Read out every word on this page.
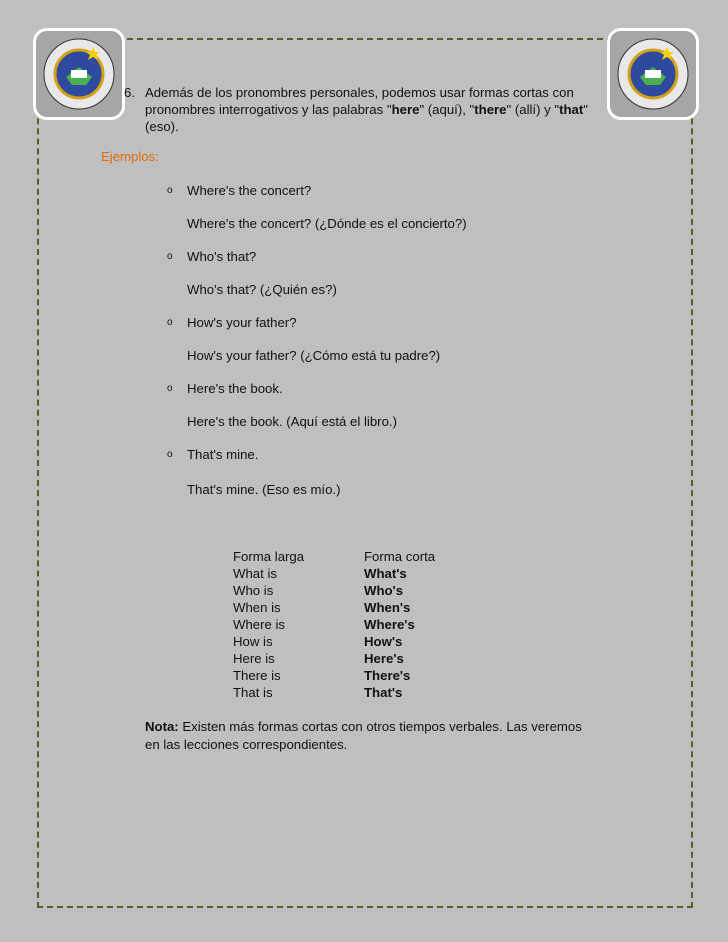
6. Además de los pronombres personales, podemos usar formas cortas con
pronombres interrogativos y las palabras "here" (aquí), "there" (allí) y "that"
(eso).
Ejemplos:
o Where's the concert?
Where's the concert? (¿Dónde es el concierto?)
o Who's that?
Who's that? (¿Quién es?)
o How's your father?
How's your father? (¿Cómo está tu padre?)
o Here's the book.
Here's the book. (Aquí está el libro.)
o That's mine.
That's mine. (Eso es mío.)
Forma larga	Forma corta
What is	What's
Who is	Who's
When is	When's
Where is	Where's
How is	How's
Here is	Here's
There is	There's
That is	That's
Nota: Existen más formas cortas con otros tiempos verbales. Las veremos
en las lecciones correspondientes.
